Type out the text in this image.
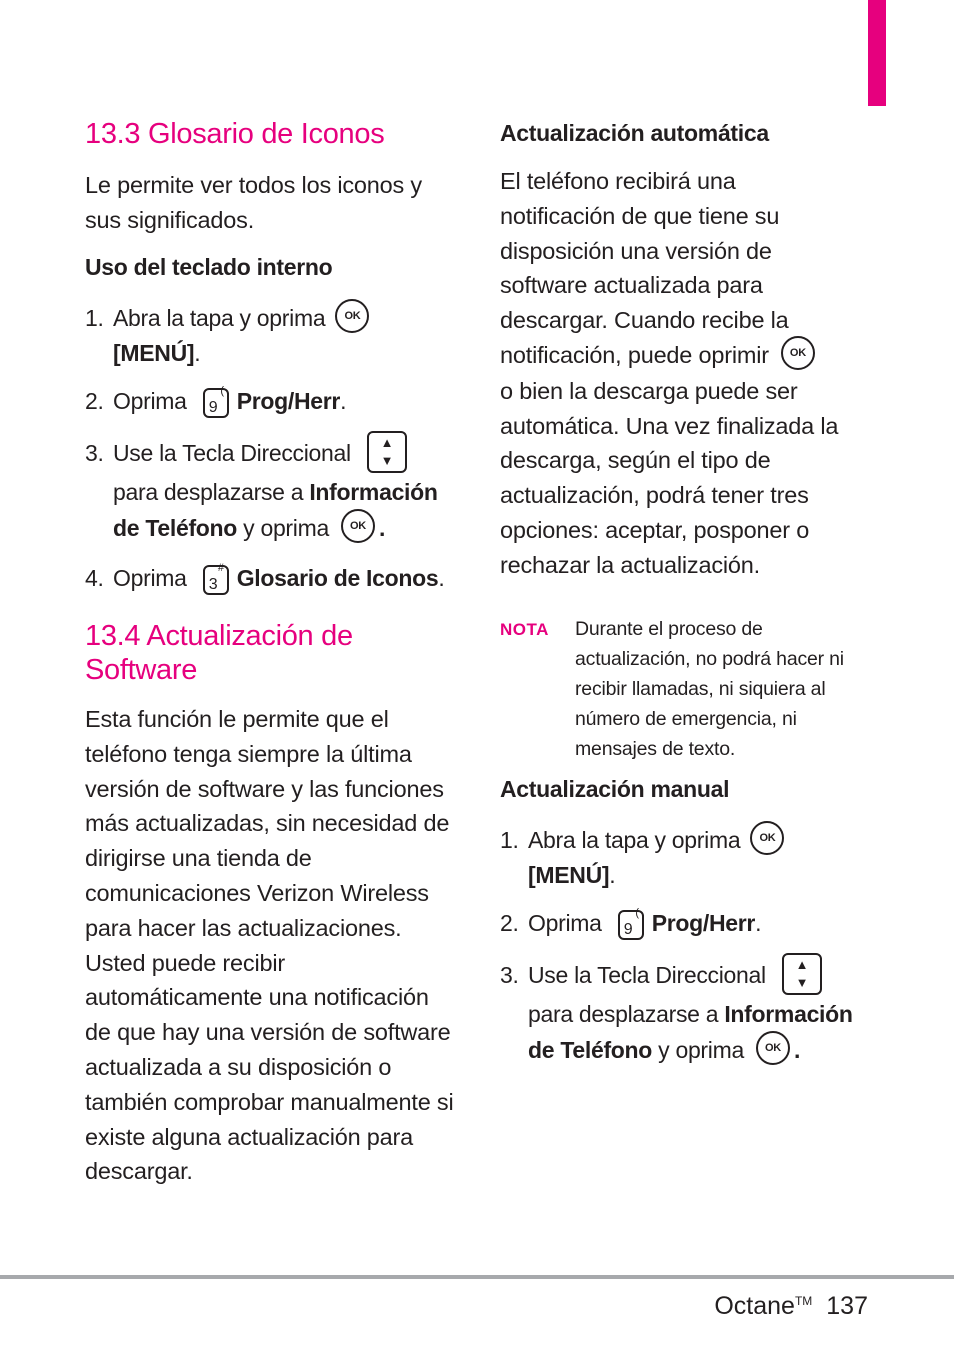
13.3 Glosario de Iconos

Le permite ver todos los iconos y sus significados.

Uso del teclado interno

1. Abra la tapa y oprima OK
[MENÚ].
2. Oprima 9
( Prog/Herr.
3. Use la Tecla Direccional	▲
▼
para desplazarse a Información
de Teléfono y oprima OK .
4. Oprima 3
# Glosario de Iconos.
13.4 Actualización de
Software
Esta función le permite que el
teléfono tenga siempre la última
versión de software y las funciones
más actualizadas, sin necesidad de
dirigirse una tienda de
comunicaciones Verizon Wireless
para hacer las actualizaciones.
Usted puede recibir
automáticamente una notificación
de que hay una versión de software
actualizada a su disposición o
también comprobar manualmente si
existe alguna actualización para
descargar.

Actualización automática

El teléfono recibirá una
notificación de que tiene su
disposición una versión de
software actualizada para
descargar. Cuando recibe la
notificación, puede oprimir OK
o bien la descarga puede ser
automática. Una vez finalizada la
descarga, según el tipo de
actualización, podrá tener tres
opciones: aceptar, posponer o
rechazar la actualización.
NOTA Durante el proceso de
actualización, no podrá hacer ni
recibir llamadas, ni siquiera al
número de emergencia, ni
mensajes de texto.

Actualización manual

1. Abra la tapa y oprima OK
[MENÚ].
2. Oprima 9
( Prog/Herr.
3. Use la Tecla Direccional	▲
▼
para desplazarse a Información
de Teléfono y oprima OK .
Octane™ 137
